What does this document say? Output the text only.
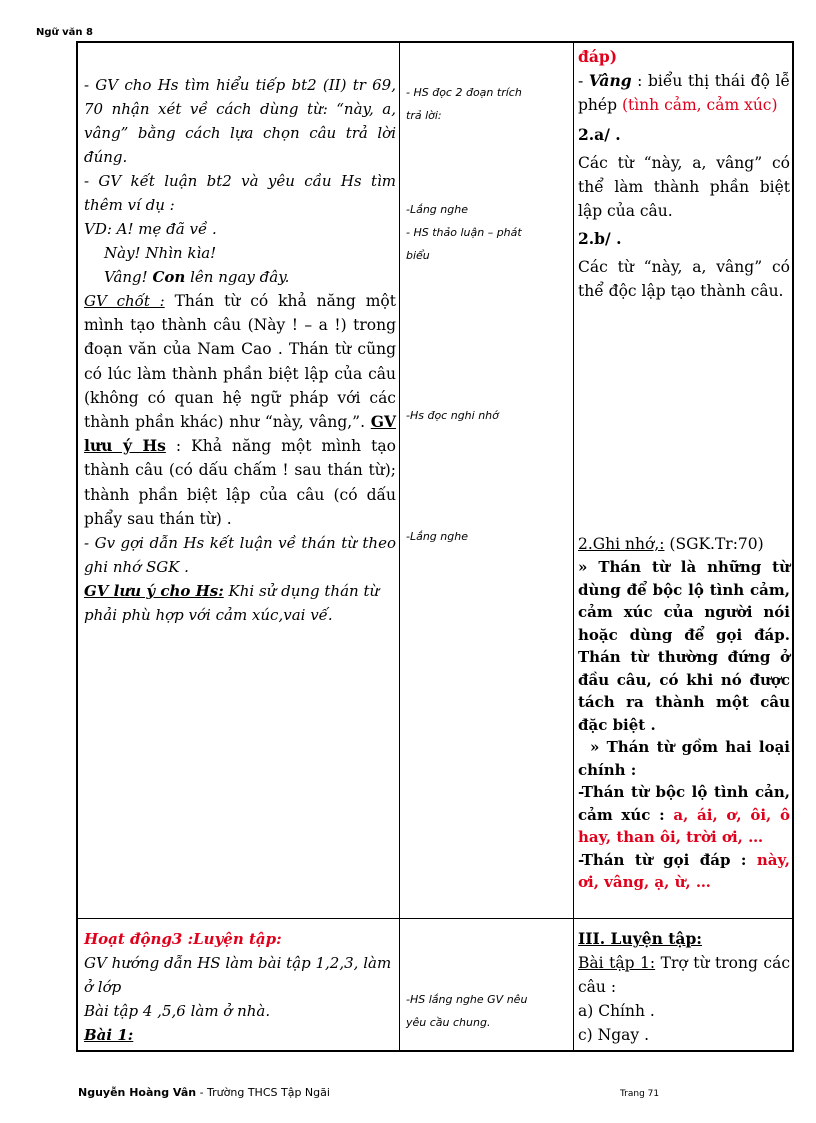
Ngữ văn 8

- GV cho Hs tìm hiểu tiếp bt2 (II) tr 69, 70 nhận xét về cách dùng từ: “này, a, vâng” bằng cách lựa chọn câu trả lời đúng.

- GV kết luận bt2 và yêu cầu Hs tìm thêm ví dụ :

VD: A! mẹ đã về .

Này! Nhìn kìa!

Vâng! Con lên ngay đây.

GV chốt : Thán từ có khả năng một mình tạo thành câu (Này ! – a !) trong đoạn văn của Nam Cao . Thán từ cũng có lúc làm thành phần biệt lập của câu (không có quan hệ ngữ pháp với các thành phần khác) như “này, vâng,”. GV lưu ý Hs : Khả năng một mình tạo thành câu (có dấu chấm ! sau thán từ); thành phần biệt lập của câu (có dấu phẩy sau thán từ) .

- Gv gợi dẫn Hs kết luận về thán từ theo ghi nhớ SGK .

GV lưu ý cho Hs: Khi sử dụng thán từ phải phù hợp với cảm xúc,vai vế.

- HS đọc 2 đoạn trích

trả lời:

-Lắng nghe

- HS thảo luận – phát

biểu

-Hs đọc nghi nhớ

-Lắng nghe

đáp)

- Vâng : biểu thị thái độ lễ phép (tình cảm, cảm xúc)

2.a/ .

Các từ “này, a, vâng” có thể làm thành phần biệt lập của câu.

2.b/ .

Các từ “này, a, vâng” có thể độc lập tạo thành câu.

2.Ghi nhớ,: (SGK.Tr:70)

» Thán từ là những từ dùng để bộc lộ tình cảm, cảm xúc của người nói hoặc dùng để gọi đáp. Thán từ thường đứng ở đầu câu, có khi nó được tách ra thành một câu đặc biệt .

» Thán từ gồm hai loại chính :

-Thán từ bộc lộ tình cản, cảm xúc : a, ái, ơ, ôi, ô hay, than ôi, trời ơi, …

-Thán từ gọi đáp : này, ơi, vâng, ạ, ừ, …

Hoạt động3 :Luyện tập:

GV hướng dẫn HS làm bài tập 1,2,3, làm ở lớp

Bài tập 4 ,5,6 làm ở nhà.

Bài 1:

-HS lắng nghe GV nêu

yêu cầu chung.

III. Luyện tập:

Bài tập 1: Trợ từ trong các câu :

a) Chính .

c) Ngay .

Nguyễn Hoàng Vân - Trường THCS Tập Ngãi	Trang 71
